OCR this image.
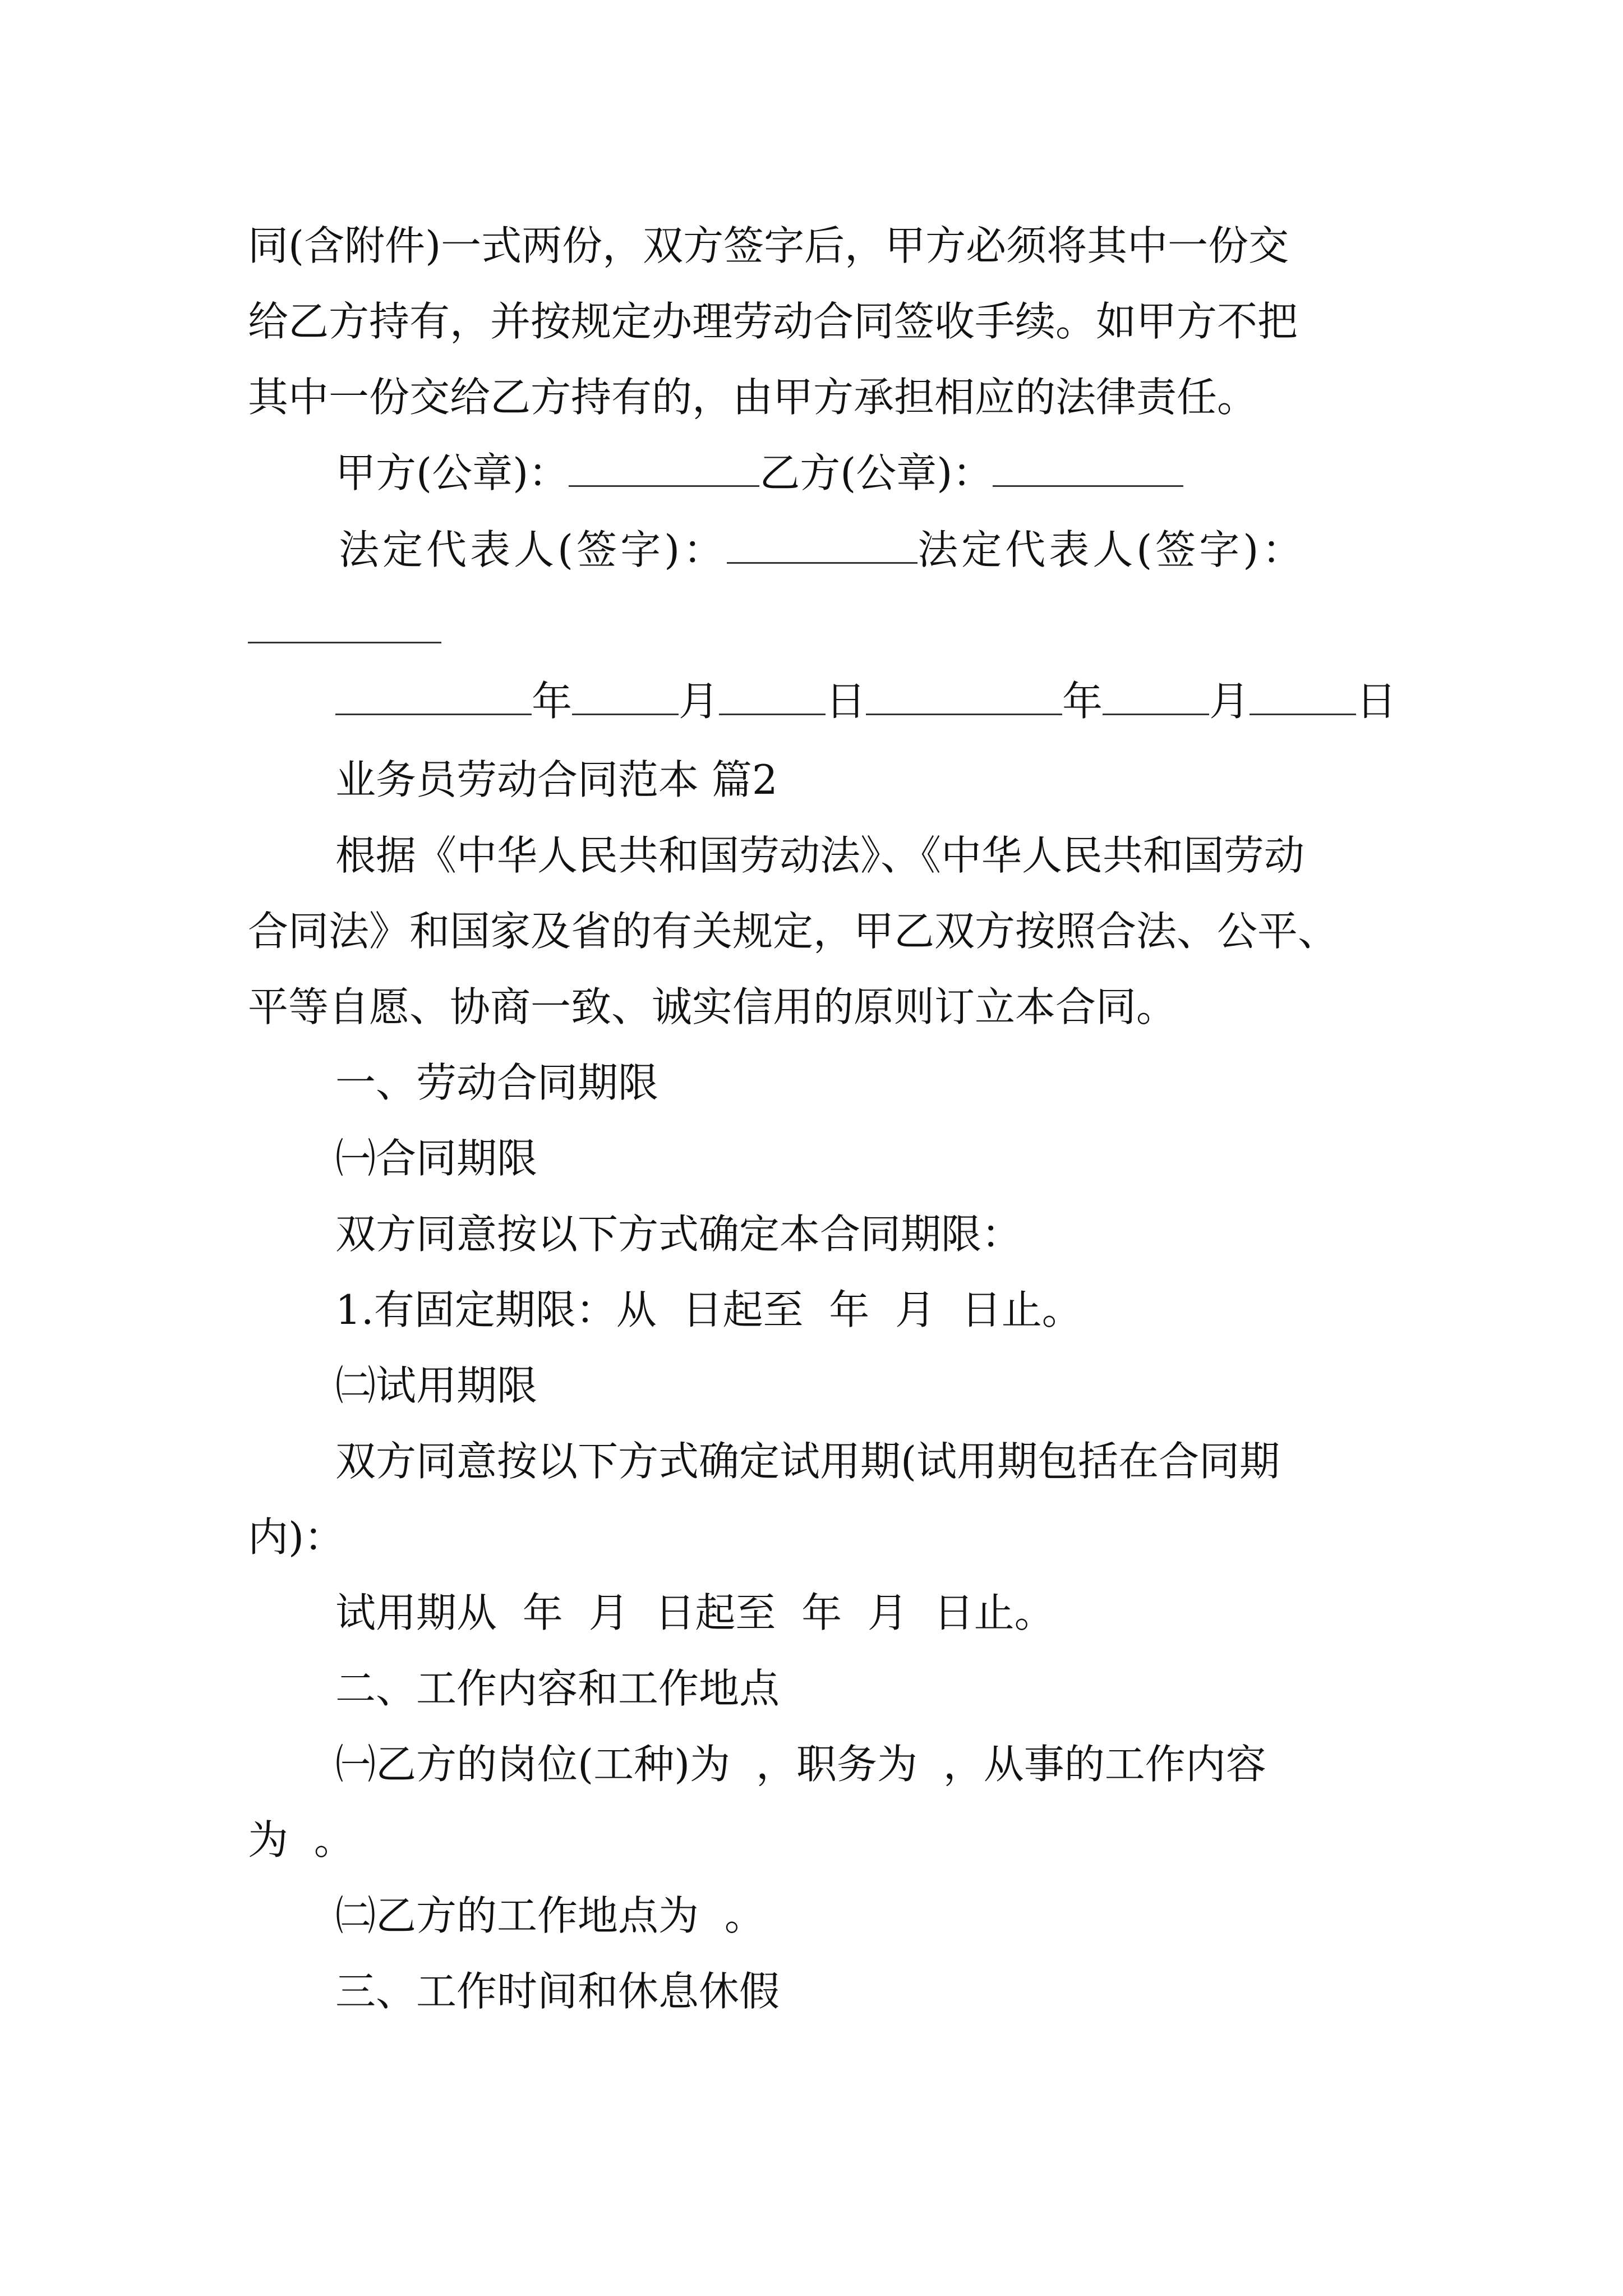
同(含附件)一式两份，双方签字后，甲方必须将其中一份交
给乙方持有，并按规定办理劳动合同签收手续。如甲方不把
其中一份交给乙方持有的，由甲方承担相应的法律责任。
甲方(公章)：	乙方(公章)：
法定代表人(签字)：	法定代表人(签字)：
年	月	日	年	月	日
业务员劳动合同范本 篇2
根据《中华人民共和国劳动法》、《中华人民共和国劳动
合同法》和国家及省的有关规定，甲乙双方按照合法、公平、
平等自愿、协商一致、诚实信用的原则订立本合同。
一、劳动合同期限
㈠合同期限
双方同意按以下方式确定本合同期限：
1.有固定期限：从  日起至  年  月  日止。
㈡试用期限
双方同意按以下方式确定试用期(试用期包括在合同期
内)：
试用期从  年  月  日起至  年  月  日止。
二、工作内容和工作地点
㈠乙方的岗位(工种)为  ，职务为  ，从事的工作内容
为  。
㈡乙方的工作地点为  。
三、工作时间和休息休假
